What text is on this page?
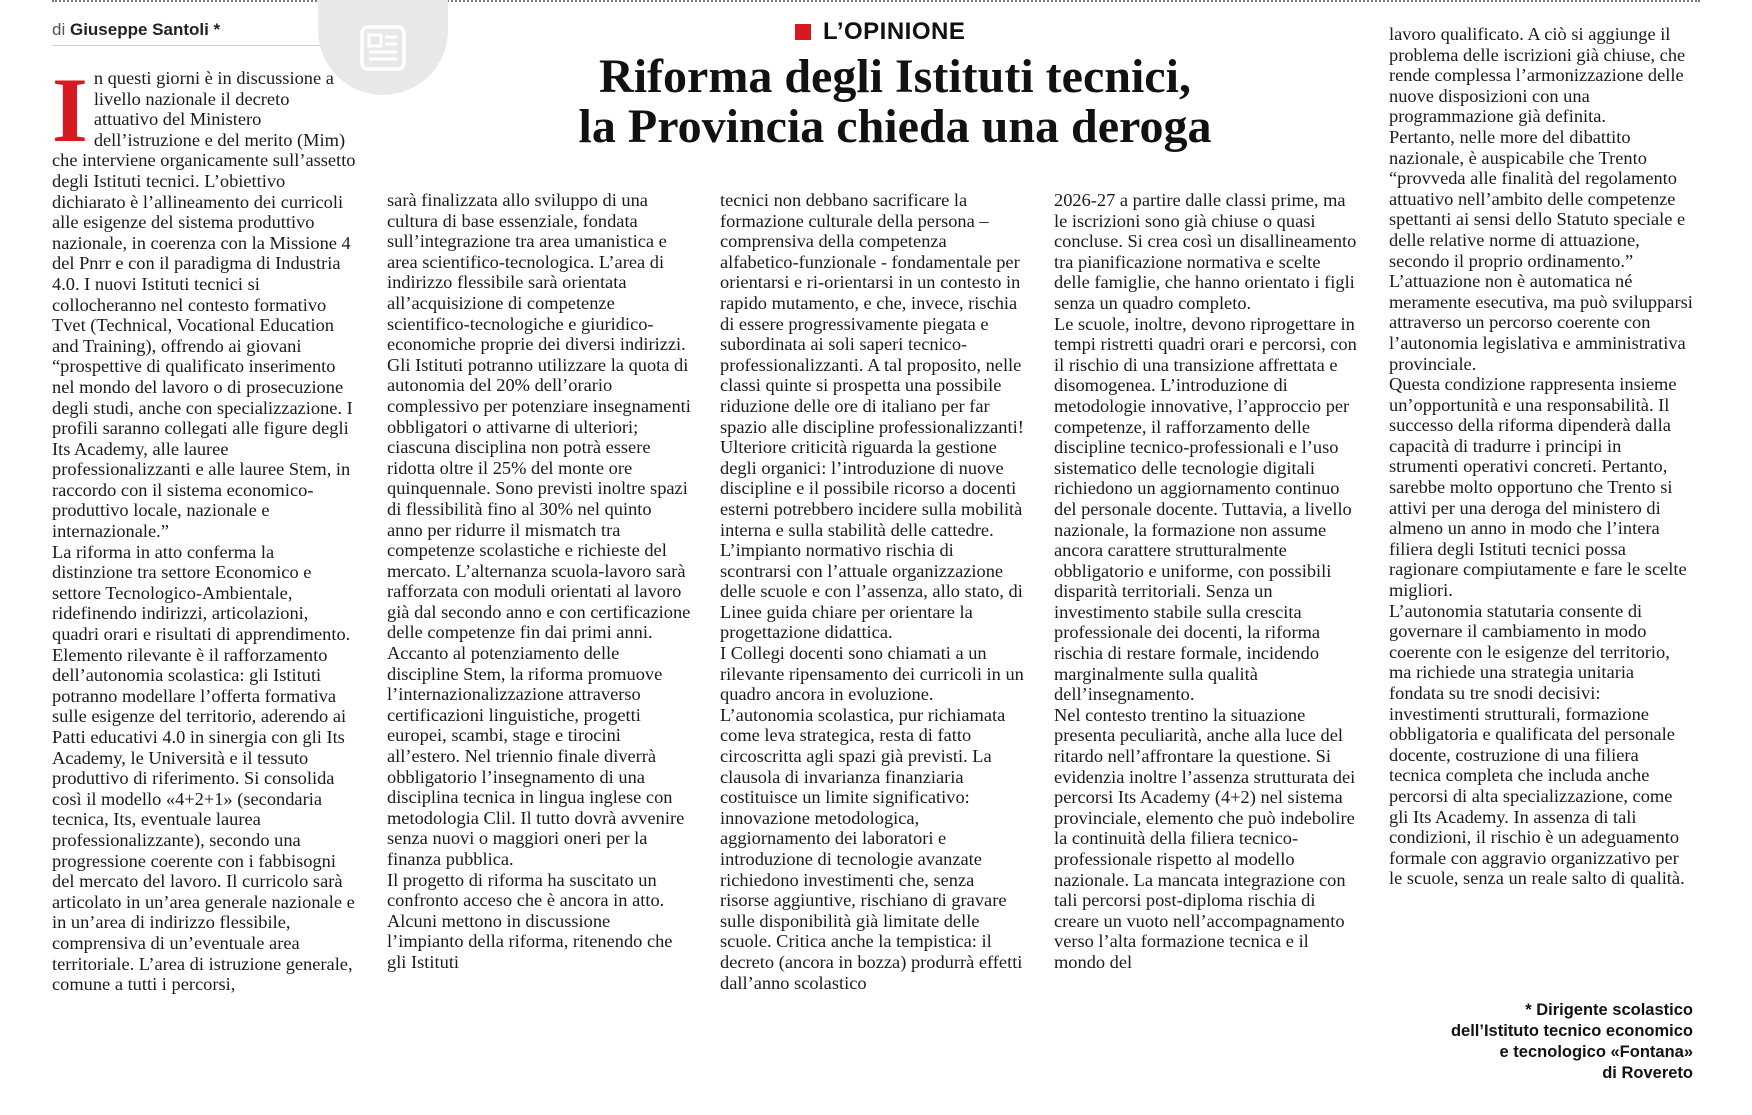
di Giuseppe Santoli *	L’OPINIONE
Riforma degli Istituti tecnici,
la Provincia chieda una deroga
I n questi giorni è in discussione a livello nazionale il decreto attuativo del Ministero dell’istruzione e del merito (Mim) che interviene organicamente sull’assetto degli Istituti tecnici. L’obiettivo dichiarato è l’allineamento dei curricoli alle esigenze del sistema produttivo nazionale, in coerenza con la Missione 4 del Pnrr e con il paradigma di Industria 4.0. I nuovi Istituti tecnici si collocheranno nel contesto formativo Tvet (Technical, Vocational Education and Training), offrendo ai giovani “prospettive di qualificato inserimento nel mondo del lavoro o di prosecuzione degli studi, anche con specializzazione. I profili saranno collegati alle figure degli Its Academy, alle lauree professionalizzanti e alle lauree Stem, in raccordo con il sistema economico-produttivo locale, nazionale e internazionale.”

La riforma in atto conferma la distinzione tra settore Economico e settore Tecnologico-Ambientale, ridefinendo indirizzi, articolazioni, quadri orari e risultati di apprendimento. Elemento rilevante è il rafforzamento dell’autonomia scolastica: gli Istituti potranno modellare l’offerta formativa sulle esigenze del territorio, aderendo ai Patti educativi 4.0 in sinergia con gli Its Academy, le Università e il tessuto produttivo di riferimento. Si consolida così il modello «4+2+1» (secondaria tecnica, Its, eventuale laurea professionalizzante), secondo una progressione coerente con i fabbisogni del mercato del lavoro. Il curricolo sarà articolato in un’area generale nazionale e in un’area di indirizzo flessibile, comprensiva di un’eventuale area territoriale. L’area di istruzione generale, comune a tutti i percorsi,

sarà finalizzata allo sviluppo di una cultura di base essenziale, fondata sull’integrazione tra area umanistica e area scientifico-tecnologica. L’area di indirizzo flessibile sarà orientata all’acquisizione di competenze scientifico-tecnologiche e giuridico-economiche proprie dei diversi indirizzi.

Gli Istituti potranno utilizzare la quota di autonomia del 20% dell’orario complessivo per potenziare insegnamenti obbligatori o attivarne di ulteriori; ciascuna disciplina non potrà essere ridotta oltre il 25% del monte ore quinquennale. Sono previsti inoltre spazi di flessibilità fino al 30% nel quinto anno per ridurre il mismatch tra competenze scolastiche e richieste del mercato. L’alternanza scuola-lavoro sarà rafforzata con moduli orientati al lavoro già dal secondo anno e con certificazione delle competenze fin dai primi anni. Accanto al potenziamento delle discipline Stem, la riforma promuove l’internazionalizzazione attraverso certificazioni linguistiche, progetti europei, scambi, stage e tirocini all’estero. Nel triennio finale diverrà obbligatorio l’insegnamento di una disciplina tecnica in lingua inglese con metodologia Clil. Il tutto dovrà avvenire senza nuovi o maggiori oneri per la finanza pubblica.

Il progetto di riforma ha suscitato un confronto acceso che è ancora in atto. Alcuni mettono in discussione l’impianto della riforma, ritenendo che gli Istituti

tecnici non debbano sacrificare la formazione culturale della persona – comprensiva della competenza alfabetico-funzionale - fondamentale per orientarsi e ri-orientarsi in un contesto in rapido mutamento, e che, invece, rischia di essere progressivamente piegata e subordinata ai soli saperi tecnico-professionalizzanti. A tal proposito, nelle classi quinte si prospetta una possibile riduzione delle ore di italiano per far spazio alle discipline professionalizzanti! Ulteriore criticità riguarda la gestione degli organici: l’introduzione di nuove discipline e il possibile ricorso a docenti esterni potrebbero incidere sulla mobilità interna e sulla stabilità delle cattedre. L’impianto normativo rischia di scontrarsi con l’attuale organizzazione delle scuole e con l’assenza, allo stato, di Linee guida chiare per orientare la progettazione didattica.

I Collegi docenti sono chiamati a un rilevante ripensamento dei curricoli in un quadro ancora in evoluzione. L’autonomia scolastica, pur richiamata come leva strategica, resta di fatto circoscritta agli spazi già previsti. La clausola di invarianza finanziaria costituisce un limite significativo: innovazione metodologica, aggiornamento dei laboratori e introduzione di tecnologie avanzate richiedono investimenti che, senza risorse aggiuntive, rischiano di gravare sulle disponibilità già limitate delle scuole. Critica anche la tempistica: il decreto (ancora in bozza) produrrà effetti dall’anno scolastico

2026-27 a partire dalle classi prime, ma le iscrizioni sono già chiuse o quasi concluse. Si crea così un disallineamento tra pianificazione normativa e scelte delle famiglie, che hanno orientato i figli senza un quadro completo.

Le scuole, inoltre, devono riprogettare in tempi ristretti quadri orari e percorsi, con il rischio di una transizione affrettata e disomogenea. L’introduzione di metodologie innovative, l’approccio per competenze, il rafforzamento delle discipline tecnico-professionali e l’uso sistematico delle tecnologie digitali richiedono un aggiornamento continuo del personale docente. Tuttavia, a livello nazionale, la formazione non assume ancora carattere strutturalmente obbligatorio e uniforme, con possibili disparità territoriali. Senza un investimento stabile sulla crescita professionale dei docenti, la riforma rischia di restare formale, incidendo marginalmente sulla qualità dell’insegnamento.

Nel contesto trentino la situazione presenta peculiarità, anche alla luce del ritardo nell’affrontare la questione. Si evidenzia inoltre l’assenza strutturata dei percorsi Its Academy (4+2) nel sistema provinciale, elemento che può indebolire la continuità della filiera tecnico-professionale rispetto al modello nazionale. La mancata integrazione con tali percorsi post-diploma rischia di creare un vuoto nell’accompagnamento verso l’alta formazione tecnica e il mondo del

lavoro qualificato. A ciò si aggiunge il problema delle iscrizioni già chiuse, che rende complessa l’armonizzazione delle nuove disposizioni con una programmazione già definita.

Pertanto, nelle more del dibattito nazionale, è auspicabile che Trento “provveda alle finalità del regolamento attuativo nell’ambito delle competenze spettanti ai sensi dello Statuto speciale e delle relative norme di attuazione, secondo il proprio ordinamento.”

L’attuazione non è automatica né meramente esecutiva, ma può svilupparsi attraverso un percorso coerente con l’autonomia legislativa e amministrativa provinciale.

Questa condizione rappresenta insieme un’opportunità e una responsabilità. Il successo della riforma dipenderà dalla capacità di tradurre i principi in strumenti operativi concreti. Pertanto, sarebbe molto opportuno che Trento si attivi per una deroga del ministero di almeno un anno in modo che l’intera filiera degli Istituti tecnici possa ragionare compiutamente e fare le scelte migliori.

L’autonomia statutaria consente di governare il cambiamento in modo coerente con le esigenze del territorio, ma richiede una strategia unitaria fondata su tre snodi decisivi: investimenti strutturali, formazione obbligatoria e qualificata del personale docente, costruzione di una filiera tecnica completa che includa anche percorsi di alta specializzazione, come gli Its Academy. In assenza di tali condizioni, il rischio è un adeguamento formale con aggravio organizzativo per le scuole, senza un reale salto di qualità.

* Dirigente scolastico
dell’Istituto tecnico economico
e tecnologico «Fontana»
di Rovereto
